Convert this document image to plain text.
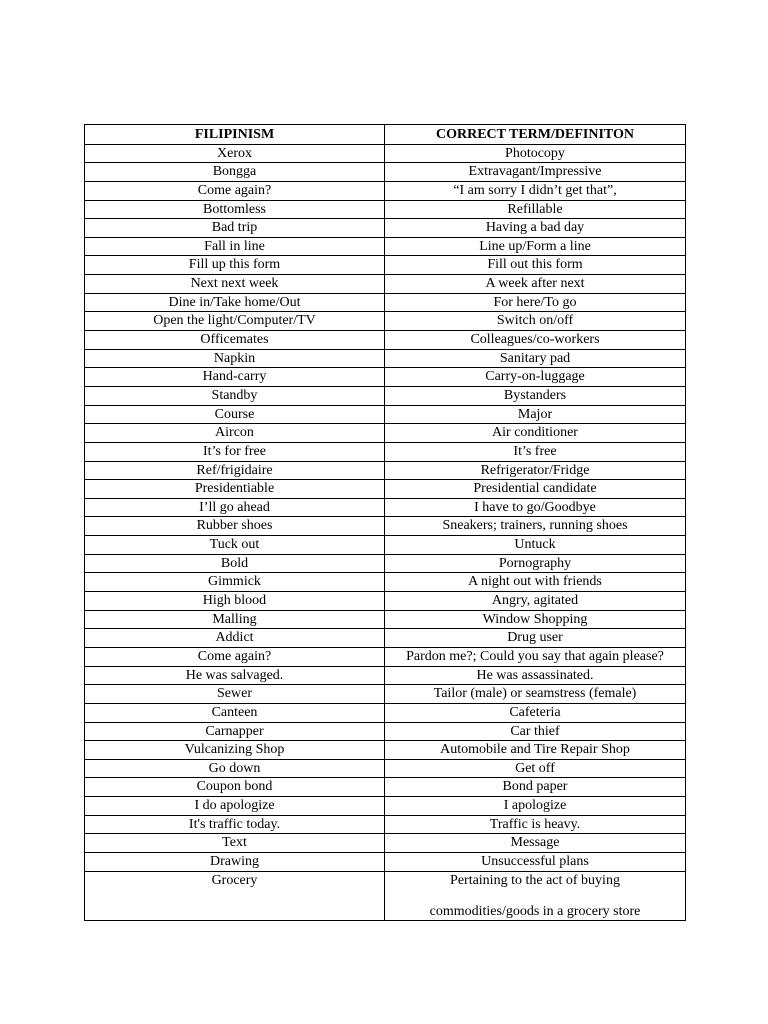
FILIPINISM	CORRECT TERM/DEFINITON
Xerox	Photocopy
Bongga	Extravagant/Impressive
Come again?	“I am sorry I didn’t get that”,
Bottomless	Refillable
Bad trip	Having a bad day
Fall in line	Line up/Form a line
Fill up this form	Fill out this form
Next next week	A week after next
Dine in/Take home/Out	For here/To go
Open the light/Computer/TV	Switch on/off
Officemates	Colleagues/co-workers
Napkin	Sanitary pad
Hand-carry	Carry-on-luggage
Standby	Bystanders
Course	Major
Aircon	Air conditioner
It’s for free	It’s free
Ref/frigidaire	Refrigerator/Fridge
Presidentiable	Presidential candidate
I’ll go ahead	I have to go/Goodbye
Rubber shoes	Sneakers; trainers, running shoes
Tuck out	Untuck
Bold	Pornography
Gimmick	A night out with friends
High blood	Angry, agitated
Malling	Window Shopping
Addict	Drug user
Come again?	Pardon me?; Could you say that again please?
He was salvaged.	He was assassinated.
Sewer	Tailor (male) or seamstress (female)
Canteen	Cafeteria
Carnapper	Car thief
Vulcanizing Shop	Automobile and Tire Repair Shop
Go down	Get off
Coupon bond	Bond paper
I do apologize	I apologize
It's traffic today.	Traffic is heavy.
Text	Message
Drawing	Unsuccessful plans
Grocery	Pertaining to the act of buying
commodities/goods in a grocery store
